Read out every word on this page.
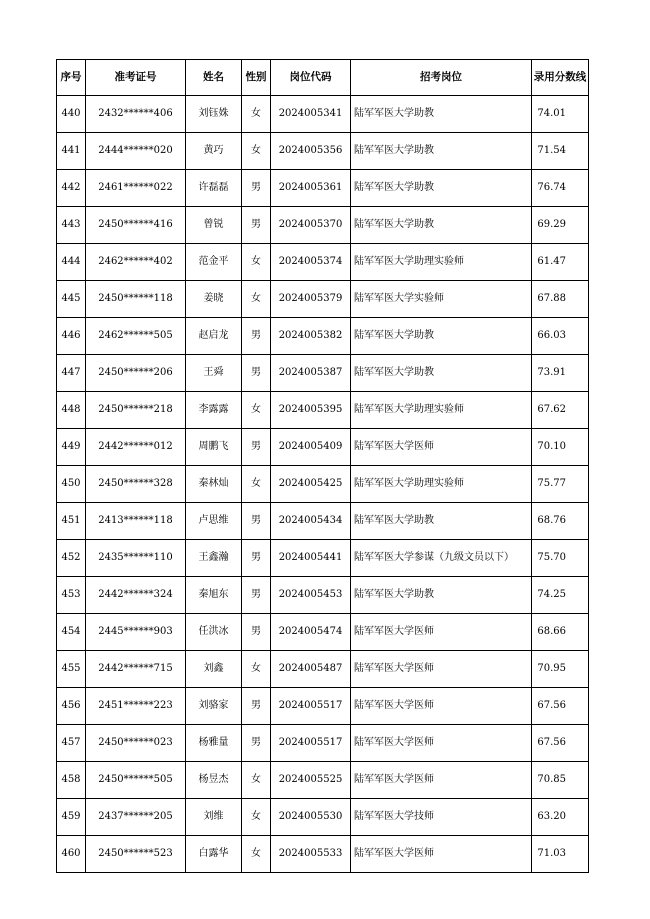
序号	准考证号	姓名	性别	岗位代码	招考岗位	录用分数线
440	2432******406	刘钰姝	女	2024005341	陆军军医大学助教	74.01
441	2444******020	黄巧	女	2024005356	陆军军医大学助教	71.54
442	2461******022	许磊磊	男	2024005361	陆军军医大学助教	76.74
443	2450******416	曾锐	男	2024005370	陆军军医大学助教	69.29
444	2462******402	范金平	女	2024005374	陆军军医大学助理实验师	61.47
445	2450******118	姜晓	女	2024005379	陆军军医大学实验师	67.88
446	2462******505	赵启龙	男	2024005382	陆军军医大学助教	66.03
447	2450******206	王舜	男	2024005387	陆军军医大学助教	73.91
448	2450******218	李露露	女	2024005395	陆军军医大学助理实验师	67.62
449	2442******012	周鹏飞	男	2024005409	陆军军医大学医师	70.10
450	2450******328	秦林灿	女	2024005425	陆军军医大学助理实验师	75.77
451	2413******118	卢思维	男	2024005434	陆军军医大学助教	68.76
452	2435******110	王鑫瀚	男	2024005441	陆军军医大学参谋（九级文员以下）	75.70
453	2442******324	秦旭东	男	2024005453	陆军军医大学助教	74.25
454	2445******903	任洪冰	男	2024005474	陆军军医大学医师	68.66
455	2442******715	刘鑫	女	2024005487	陆军军医大学医师	70.95
456	2451******223	刘骆家	男	2024005517	陆军军医大学医师	67.56
457	2450******023	杨雅量	男	2024005517	陆军军医大学医师	67.56
458	2450******505	杨昱杰	女	2024005525	陆军军医大学医师	70.85
459	2437******205	刘维	女	2024005530	陆军军医大学技师	63.20
460	2450******523	白露华	女	2024005533	陆军军医大学医师	71.03
